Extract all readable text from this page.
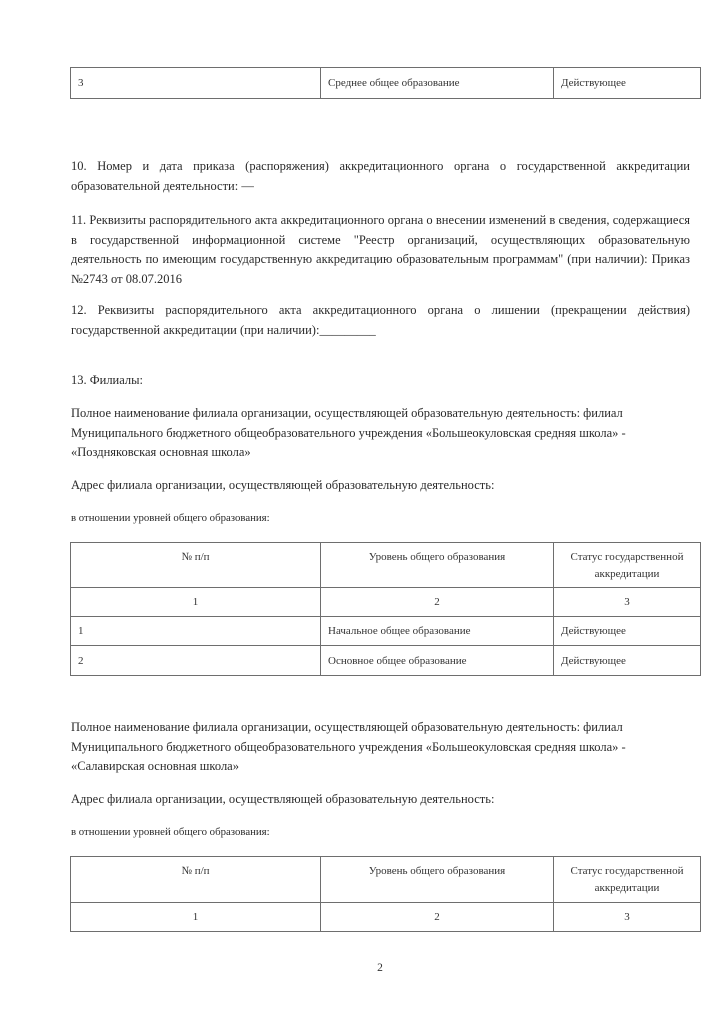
3	Среднее общее образование	Действующее
10. Номер и дата приказа (распоряжения) аккредитационного органа о государственной аккредитации образовательной деятельности: —
11. Реквизиты распорядительного акта аккредитационного органа о внесении изменений в сведения, содержащиеся в государственной информационной системе "Реестр организаций, осуществляющих образовательную деятельность по имеющим государственную аккредитацию образовательным программам" (при наличии): Приказ №2743 от 08.07.2016
12. Реквизиты распорядительного акта аккредитационного органа о лишении (прекращении действия) государственной аккредитации (при наличии):_________
13. Филиалы:
Полное наименование филиала организации, осуществляющей образовательную деятельность: филиал
Муниципального бюджетного общеобразовательного учреждения «Большеокуловская средняя школа» -
«Поздняковская основная школа»
Адрес филиала организации, осуществляющей образовательную деятельность:
в отношении уровней общего образования:
№ п/п	Уровень общего образования	Статус государственной аккредитации
1	2	3
1	Начальное общее образование	Действующее
2	Основное общее образование	Действующее
Полное наименование филиала организации, осуществляющей образовательную деятельность: филиал
Муниципального бюджетного общеобразовательного учреждения «Большеокуловская средняя школа» -
«Салавирская основная школа»
Адрес филиала организации, осуществляющей образовательную деятельность:
в отношении уровней общего образования:
№ п/п	Уровень общего образования	Статус государственной аккредитации
1	2	3
2
